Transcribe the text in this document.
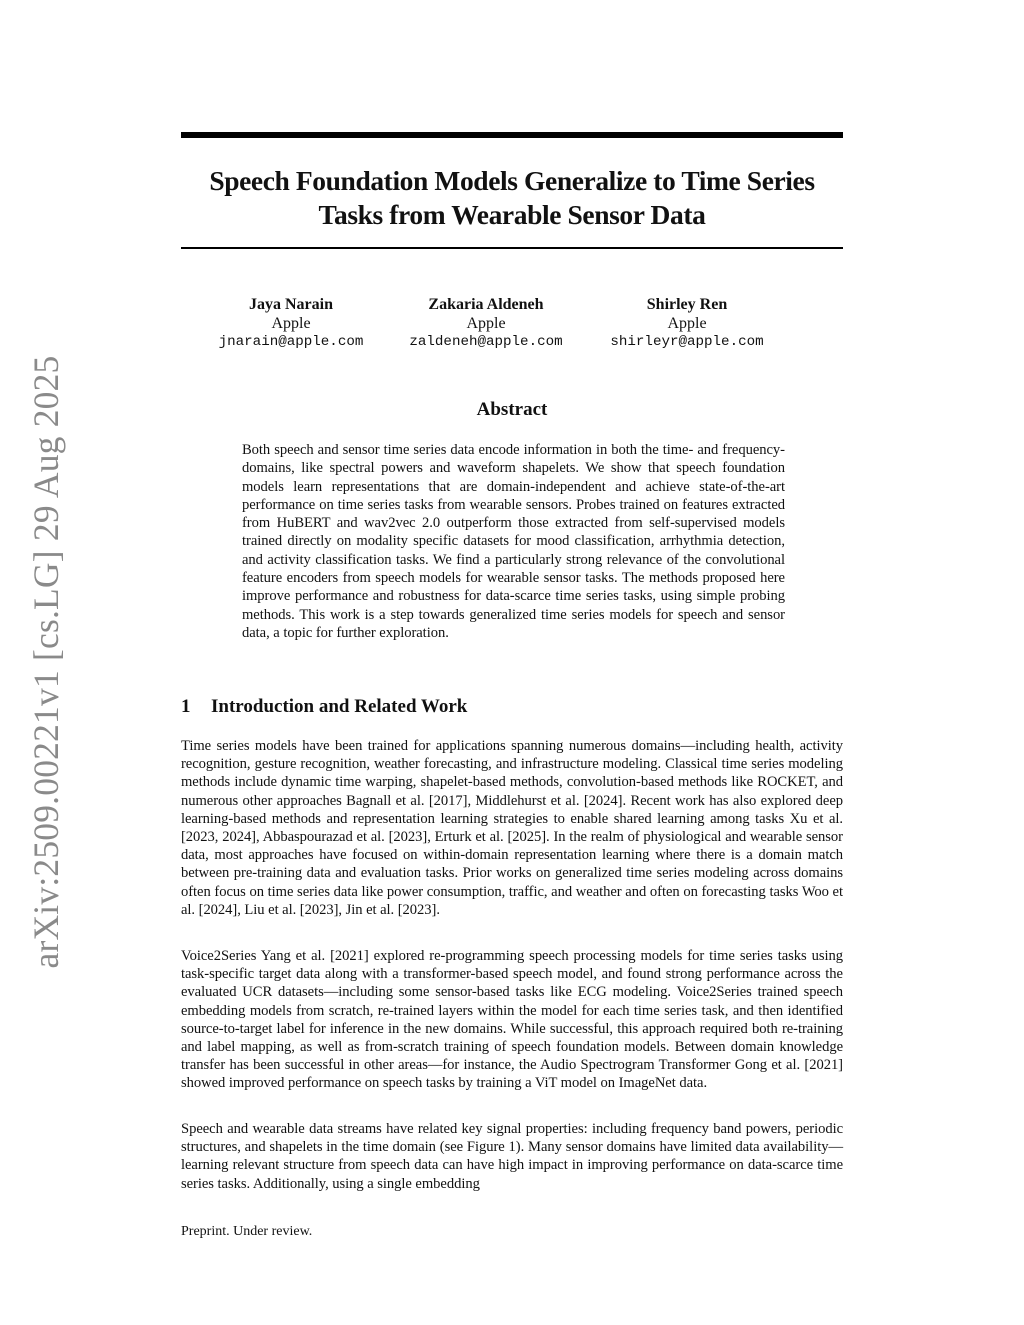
arXiv:2509.00221v1 [cs.LG] 29 Aug 2025
Speech Foundation Models Generalize to Time Series Tasks from Wearable Sensor Data
Jaya Narain
Apple
jnarain@apple.com
Zakaria Aldeneh
Apple
zaldeneh@apple.com
Shirley Ren
Apple
shirleyr@apple.com
Abstract

Both speech and sensor time series data encode information in both the time- and frequency- domains, like spectral powers and waveform shapelets. We show that speech foundation models learn representations that are domain-independent and achieve state-of-the-art performance on time series tasks from wearable sensors. Probes trained on features extracted from HuBERT and wav2vec 2.0 outperform those extracted from self-supervised models trained directly on modality specific datasets for mood classification, arrhythmia detection, and activity classification tasks. We find a particularly strong relevance of the convolutional feature encoders from speech models for wearable sensor tasks. The methods proposed here improve performance and robustness for data-scarce time series tasks, using simple probing methods. This work is a step towards generalized time series models for speech and sensor data, a topic for further exploration.

1 Introduction and Related Work

Time series models have been trained for applications spanning numerous domains—including health, activity recognition, gesture recognition, weather forecasting, and infrastructure modeling. Classical time series modeling methods include dynamic time warping, shapelet-based methods, convolution-based methods like ROCKET, and numerous other approaches Bagnall et al. [2017], Middlehurst et al. [2024]. Recent work has also explored deep learning-based methods and representation learning strategies to enable shared learning among tasks Xu et al. [2023, 2024], Abbaspourazad et al. [2023], Erturk et al. [2025]. In the realm of physiological and wearable sensor data, most approaches have focused on within-domain representation learning where there is a domain match between pre-training data and evaluation tasks. Prior works on generalized time series modeling across domains often focus on time series data like power consumption, traffic, and weather and often on forecasting tasks Woo et al. [2024], Liu et al. [2023], Jin et al. [2023].

Voice2Series Yang et al. [2021] explored re-programming speech processing models for time series tasks using task-specific target data along with a transformer-based speech model, and found strong performance across the evaluated UCR datasets—including some sensor-based tasks like ECG modeling. Voice2Series trained speech embedding models from scratch, re-trained layers within the model for each time series task, and then identified source-to-target label for inference in the new domains. While successful, this approach required both re-training and label mapping, as well as from-scratch training of speech foundation models. Between domain knowledge transfer has been successful in other areas—for instance, the Audio Spectrogram Transformer Gong et al. [2021] showed improved performance on speech tasks by training a ViT model on ImageNet data.

Speech and wearable data streams have related key signal properties: including frequency band powers, periodic structures, and shapelets in the time domain (see Figure 1). Many sensor domains have limited data availability—learning relevant structure from speech data can have high impact in improving performance on data-scarce time series tasks. Additionally, using a single embedding

Preprint. Under review.
